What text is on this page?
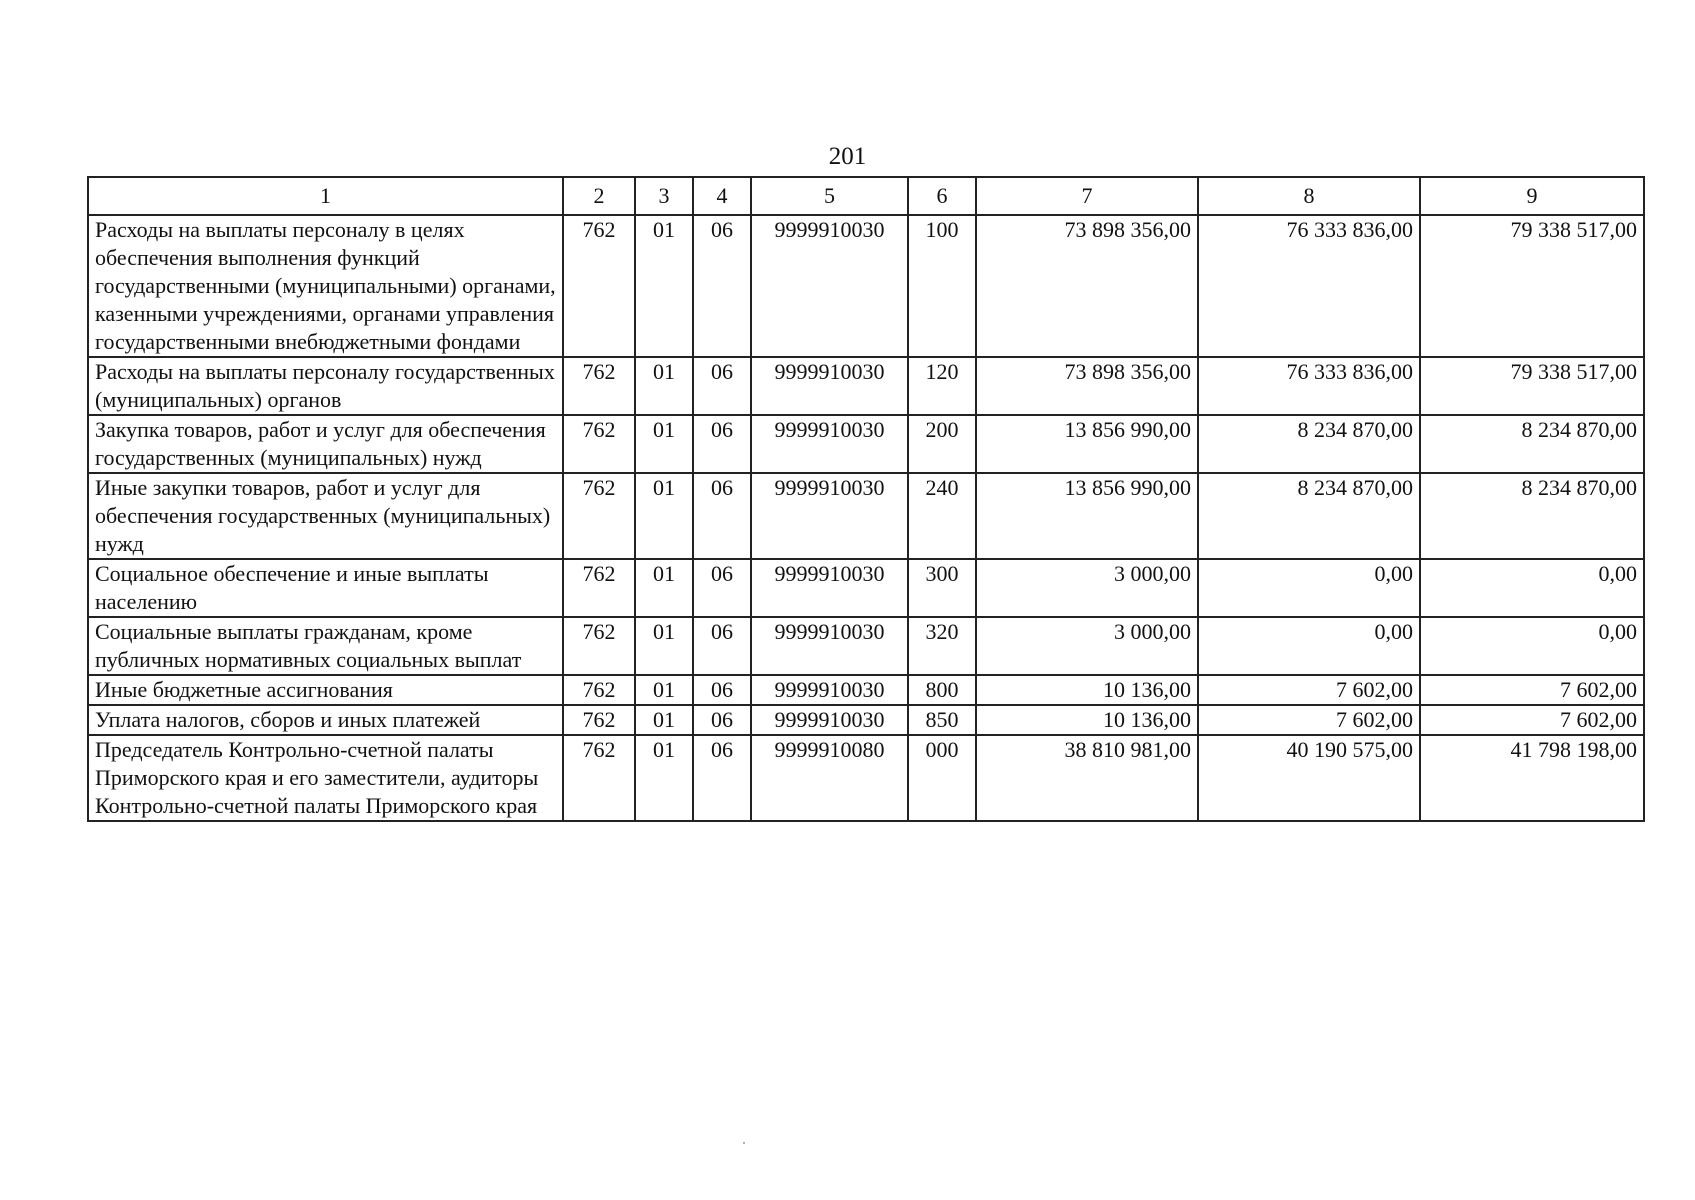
201
1	2	3	4	5	6	7	8	9
Расходы на выплаты персоналу в целях обеспечения выполнения функций государственными (муниципальными) органами, казенными учреждениями, органами управления государственными внебюджетными фондами	762	01	06	9999910030	100	73 898 356,00	76 333 836,00	79 338 517,00
Расходы на выплаты персоналу государственных (муниципальных) органов	762	01	06	9999910030	120	73 898 356,00	76 333 836,00	79 338 517,00
Закупка товаров, работ и услуг для обеспечения государственных (муниципальных) нужд	762	01	06	9999910030	200	13 856 990,00	8 234 870,00	8 234 870,00
Иные закупки товаров, работ и услуг для обеспечения государственных (муниципальных) нужд	762	01	06	9999910030	240	13 856 990,00	8 234 870,00	8 234 870,00
Социальное обеспечение и иные выплаты населению	762	01	06	9999910030	300	3 000,00	0,00	0,00
Социальные выплаты гражданам, кроме публичных нормативных социальных выплат	762	01	06	9999910030	320	3 000,00	0,00	0,00
Иные бюджетные ассигнования	762	01	06	9999910030	800	10 136,00	7 602,00	7 602,00
Уплата налогов, сборов и иных платежей	762	01	06	9999910030	850	10 136,00	7 602,00	7 602,00
Председатель Контрольно-счетной палаты Приморского края и его заместители, аудиторы Контрольно-счетной палаты Приморского края	762	01	06	9999910080	000	38 810 981,00	40 190 575,00	41 798 198,00
